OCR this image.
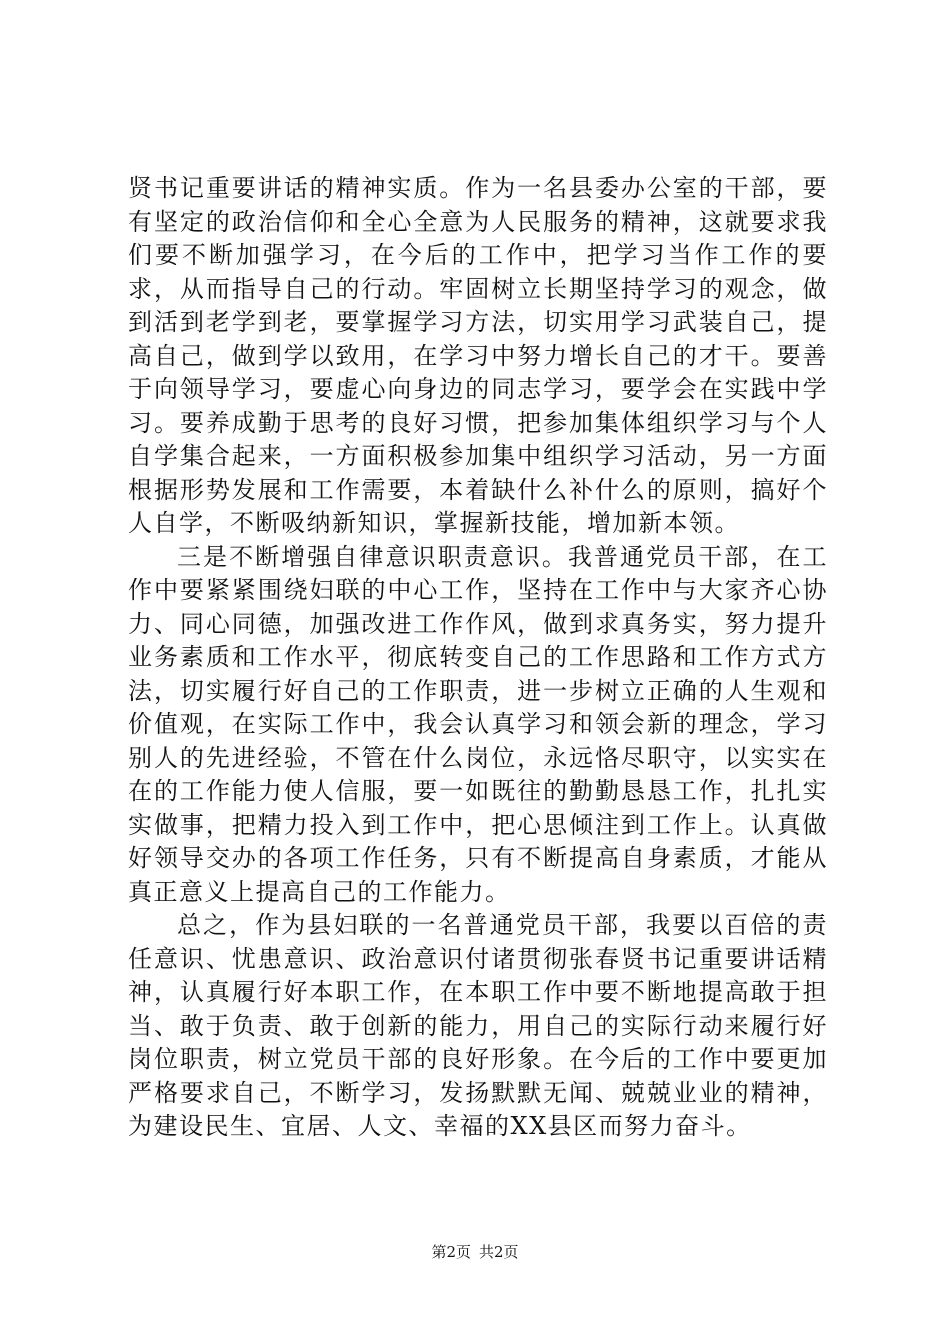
贤书记重要讲话的精神实质。作为一名县委办公室的干部，要有坚定的政治信仰和全心全意为人民服务的精神，这就要求我们要不断加强学习，在今后的工作中，把学习当作工作的要求，从而指导自己的行动。牢固树立长期坚持学习的观念，做到活到老学到老，要掌握学习方法，切实用学习武装自己，提高自己，做到学以致用，在学习中努力增长自己的才干。要善于向领导学习，要虚心向身边的同志学习，要学会在实践中学习。要养成勤于思考的良好习惯，把参加集体组织学习与个人自学集合起来，一方面积极参加集中组织学习活动，另一方面根据形势发展和工作需要，本着缺什么补什么的原则，搞好个人自学，不断吸纳新知识，掌握新技能，增加新本领。

三是不断增强自律意识职责意识。我普通党员干部，在工作中要紧紧围绕妇联的中心工作，坚持在工作中与大家齐心协力、同心同德，加强改进工作作风，做到求真务实，努力提升业务素质和工作水平，彻底转变自己的工作思路和工作方式方法，切实履行好自己的工作职责，进一步树立正确的人生观和价值观，在实际工作中，我会认真学习和领会新的理念，学习别人的先进经验，不管在什么岗位，永远恪尽职守，以实实在在的工作能力使人信服，要一如既往的勤勤恳恳工作，扎扎实实做事，把精力投入到工作中，把心思倾注到工作上。认真做好领导交办的各项工作任务，只有不断提高自身素质，才能从真正意义上提高自己的工作能力。

总之，作为县妇联的一名普通党员干部，我要以百倍的责任意识、忧患意识、政治意识付诸贯彻张春贤书记重要讲话精神，认真履行好本职工作，在本职工作中要不断地提高敢于担当、敢于负责、敢于创新的能力，用自己的实际行动来履行好岗位职责，树立党员干部的良好形象。在今后的工作中要更加严格要求自己，不断学习，发扬默默无闻、兢兢业业的精神，为建设民生、宜居、人文、幸福的XX县区而努力奋斗。

第2页 共2页
